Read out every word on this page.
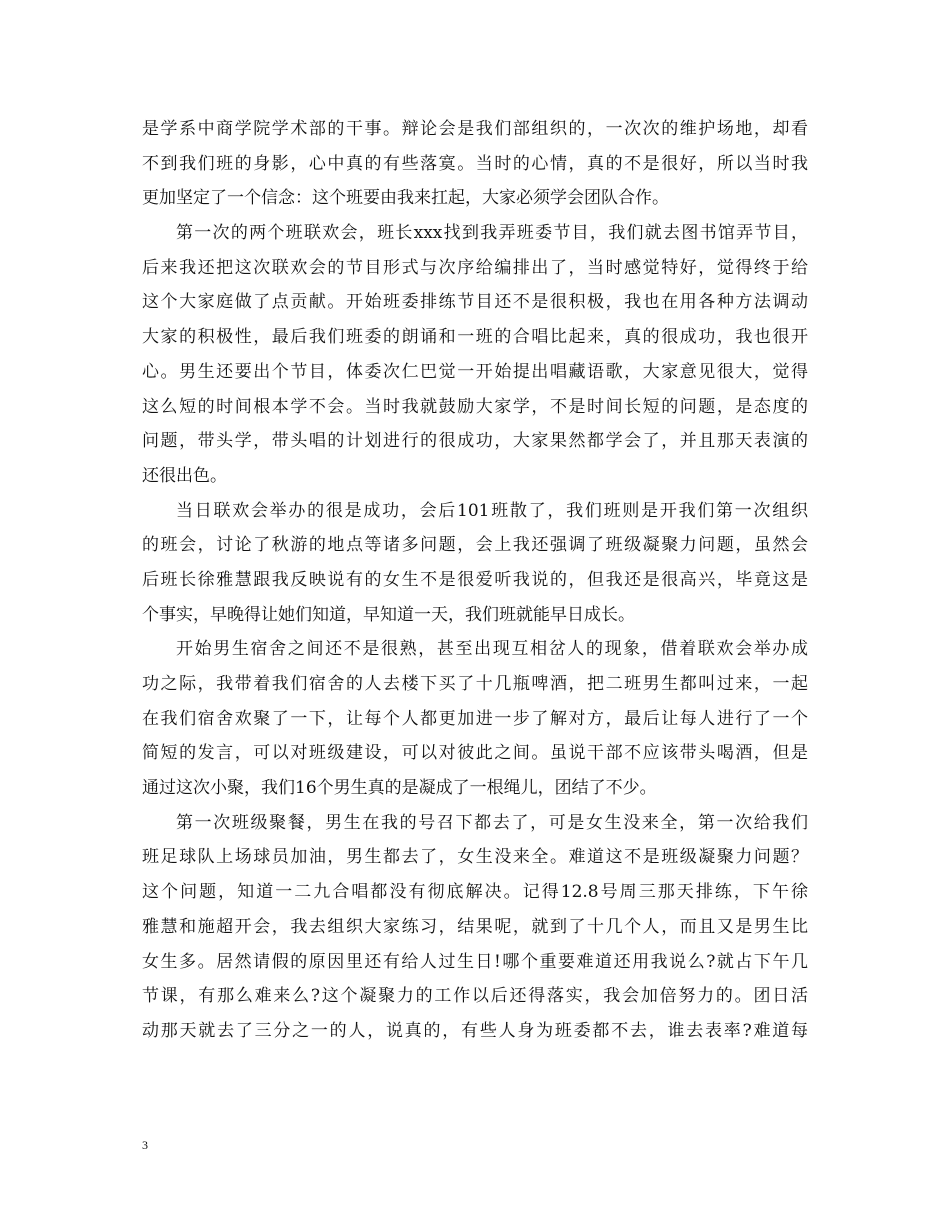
是学系中商学院学术部的干事。辩论会是我们部组织的，一次次的维护场地，却看
不到我们班的身影，心中真的有些落寞。当时的心情，真的不是很好，所以当时我
更加坚定了一个信念：这个班要由我来扛起，大家必须学会团队合作。
第一次的两个班联欢会，班长xxx找到我弄班委节目，我们就去图书馆弄节目，
后来我还把这次联欢会的节目形式与次序给编排出了，当时感觉特好，觉得终于给
这个大家庭做了点贡献。开始班委排练节目还不是很积极，我也在用各种方法调动
大家的积极性，最后我们班委的朗诵和一班的合唱比起来，真的很成功，我也很开
心。男生还要出个节目，体委次仁巴觉一开始提出唱藏语歌，大家意见很大，觉得
这么短的时间根本学不会。当时我就鼓励大家学，不是时间长短的问题，是态度的
问题，带头学，带头唱的计划进行的很成功，大家果然都学会了，并且那天表演的
还很出色。
当日联欢会举办的很是成功，会后101班散了，我们班则是开我们第一次组织
的班会，讨论了秋游的地点等诸多问题，会上我还强调了班级凝聚力问题，虽然会
后班长徐雅慧跟我反映说有的女生不是很爱听我说的，但我还是很高兴，毕竟这是
个事实，早晚得让她们知道，早知道一天，我们班就能早日成长。
开始男生宿舍之间还不是很熟，甚至出现互相岔人的现象，借着联欢会举办成
功之际，我带着我们宿舍的人去楼下买了十几瓶啤酒，把二班男生都叫过来，一起
在我们宿舍欢聚了一下，让每个人都更加进一步了解对方，最后让每人进行了一个
简短的发言，可以对班级建设，可以对彼此之间。虽说干部不应该带头喝酒，但是
通过这次小聚，我们16个男生真的是凝成了一根绳儿，团结了不少。
第一次班级聚餐，男生在我的号召下都去了，可是女生没来全，第一次给我们
班足球队上场球员加油，男生都去了，女生没来全。难道这不是班级凝聚力问题？
这个问题，知道一二九合唱都没有彻底解决。记得12.8号周三那天排练，下午徐
雅慧和施超开会，我去组织大家练习，结果呢，就到了十几个人，而且又是男生比
女生多。居然请假的原因里还有给人过生日!哪个重要难道还用我说么?就占下午几
节课，有那么难来么?这个凝聚力的工作以后还得落实，我会加倍努力的。团日活
动那天就去了三分之一的人，说真的，有些人身为班委都不去，谁去表率?难道每
3
